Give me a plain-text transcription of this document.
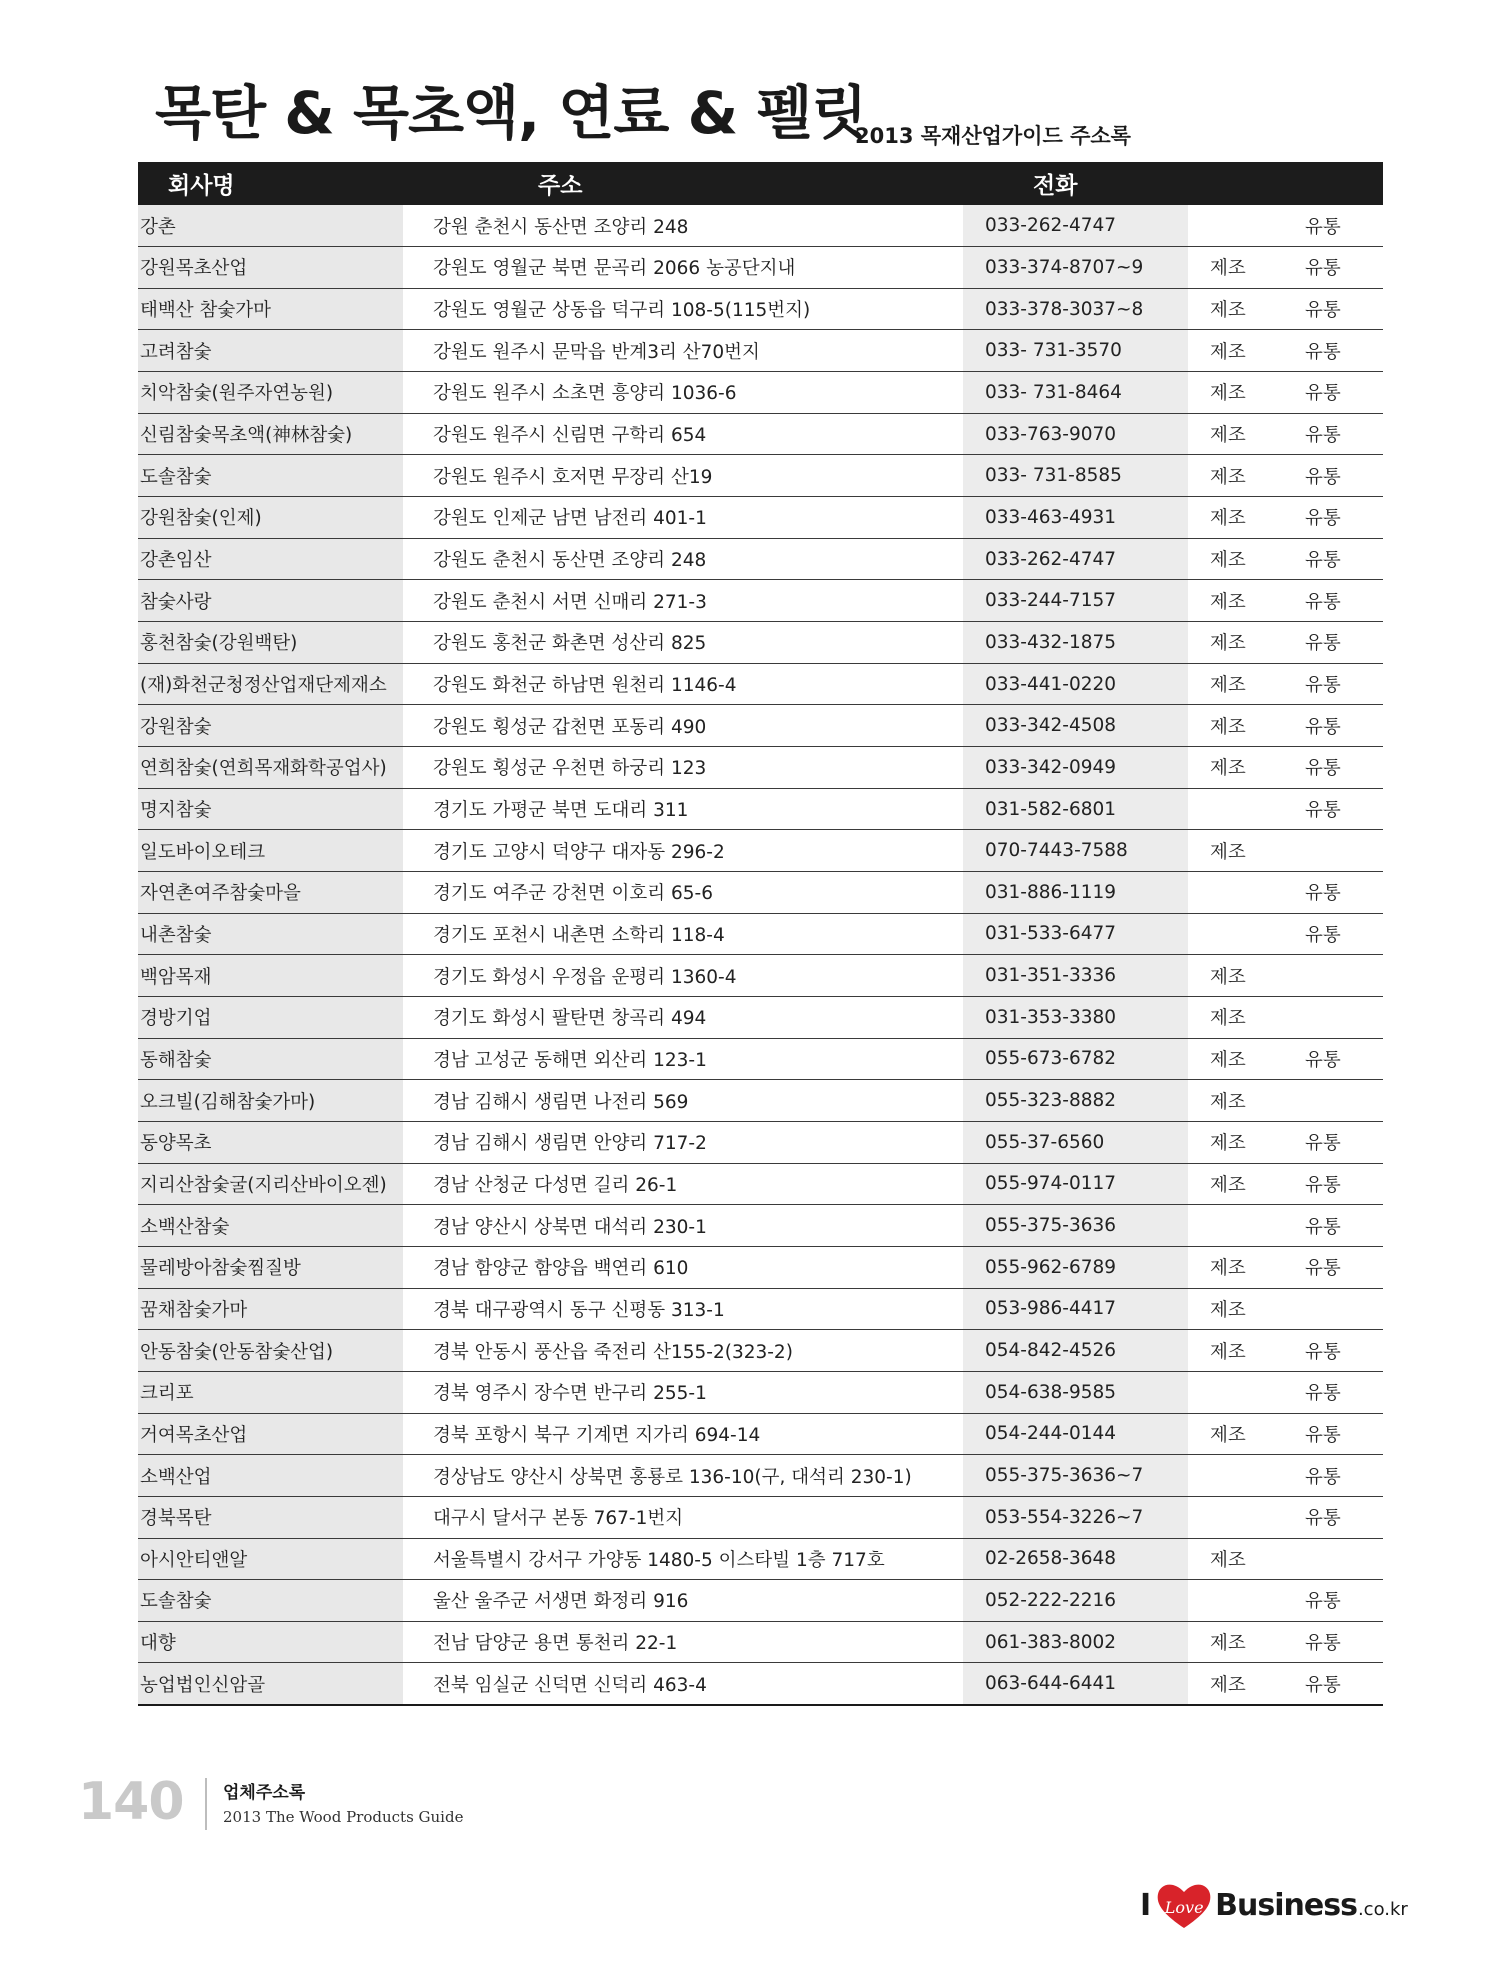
목탄 & 목초액, 연료 & 펠릿
2013 목재산업가이드 주소록
회사명	주소	전화		
강촌	강원 춘천시 동산면 조양리 248	033-262-4747		유통
강원목초산업	강원도 영월군 북면 문곡리 2066 농공단지내	033-374-8707~9	제조	유통
태백산 참숯가마	강원도 영월군 상동읍 덕구리 108-5(115번지)	033-378-3037~8	제조	유통
고려참숯	강원도 원주시 문막읍 반계3리 산70번지	033- 731-3570	제조	유통
치악참숯(원주자연농원)	강원도 원주시 소초면 흥양리 1036-6	033- 731-8464	제조	유통
신림참숯목초액(神林참숯)	강원도 원주시 신림면 구학리 654	033-763-9070	제조	유통
도솔참숯	강원도 원주시 호저면 무장리 산19	033- 731-8585	제조	유통
강원참숯(인제)	강원도 인제군 남면 남전리 401-1	033-463-4931	제조	유통
강촌임산	강원도 춘천시 동산면 조양리 248	033-262-4747	제조	유통
참숯사랑	강원도 춘천시 서면 신매리 271-3	033-244-7157	제조	유통
홍천참숯(강원백탄)	강원도 홍천군 화촌면 성산리 825	033-432-1875	제조	유통
(재)화천군청정산업재단제재소	강원도 화천군 하남면 원천리 1146-4	033-441-0220	제조	유통
강원참숯	강원도 횡성군 갑천면 포동리 490	033-342-4508	제조	유통
연희참숯(연희목재화학공업사)	강원도 횡성군 우천면 하궁리 123	033-342-0949	제조	유통
명지참숯	경기도 가평군 북면 도대리 311	031-582-6801		유통
일도바이오테크	경기도 고양시 덕양구 대자동 296-2	070-7443-7588	제조	
자연촌여주참숯마을	경기도 여주군 강천면 이호리 65-6	031-886-1119		유통
내촌참숯	경기도 포천시 내촌면 소학리 118-4	031-533-6477		유통
백암목재	경기도 화성시 우정읍 운평리 1360-4	031-351-3336	제조	
경방기업	경기도 화성시 팔탄면 창곡리 494	031-353-3380	제조	
동해참숯	경남 고성군 동해면 외산리 123-1	055-673-6782	제조	유통
오크빌(김해참숯가마)	경남 김해시 생림면 나전리 569	055-323-8882	제조	
동양목초	경남 김해시 생림면 안양리 717-2	055-37-6560	제조	유통
지리산참숯굴(지리산바이오젠)	경남 산청군 다성면 길리 26-1	055-974-0117	제조	유통
소백산참숯	경남 양산시 상북면 대석리 230-1	055-375-3636		유통
물레방아참숯찜질방	경남 함양군 함양읍 백연리 610	055-962-6789	제조	유통
꿈채참숯가마	경북 대구광역시 동구 신평동 313-1	053-986-4417	제조	
안동참숯(안동참숯산업)	경북 안동시 풍산읍 죽전리 산155-2(323-2)	054-842-4526	제조	유통
크리포	경북 영주시 장수면 반구리 255-1	054-638-9585		유통
거여목초산업	경북 포항시 북구 기계면 지가리 694-14	054-244-0144	제조	유통
소백산업	경상남도 양산시 상북면 홍룡로 136-10(구, 대석리 230-1)	055-375-3636~7		유통
경북목탄	대구시 달서구 본동 767-1번지	053-554-3226~7		유통
아시안티앤알	서울특별시 강서구 가양동 1480-5 이스타빌 1층 717호	02-2658-3648	제조	
도솔참숯	울산 울주군 서생면 화정리 916	052-222-2216		유통
대향	전남 담양군 용면 통천리 22-1	061-383-8002	제조	유통
농업법인신암골	전북 임실군 신덕면 신덕리 463-4	063-644-6441	제조	유통
140 업체주소록
2013 The Wood Products Guide
I Love Business .co.kr
